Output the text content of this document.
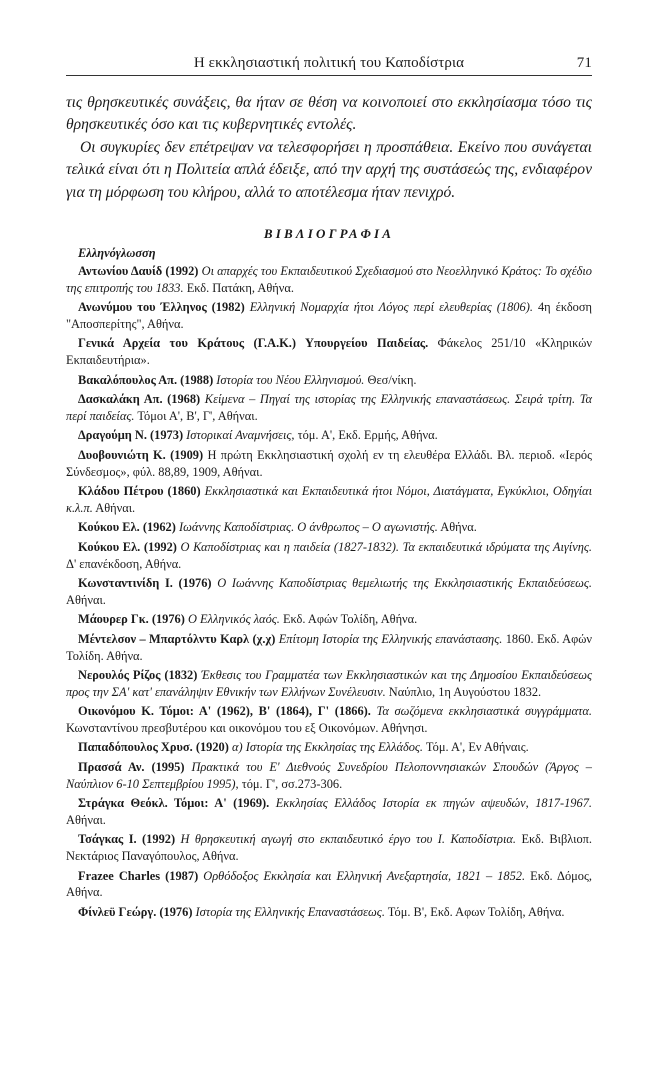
Η εκκλησιαστική πολιτική του Καποδίστρια	71

τις θρησκευτικές συνάξεις, θα ήταν σε θέση να κοινοποιεί στο εκκλησίασμα τόσο τις θρησκευτικές όσο και τις κυβερνητικές εντολές.

Οι συγκυρίες δεν επέτρεψαν να τελεσφορήσει η προσπάθεια. Εκείνο που συνάγεται τελικά είναι ότι η Πολιτεία απλά έδειξε, από την αρχή της συστάσεώς της, ενδιαφέρον για τη μόρφωση του κλήρου, αλλά το αποτέλεσμα ήταν πενιχρό.

ΒΙΒΛΙΟΓΡΑΦΙΑ
Ελληνόγλωσση

Αντωνίου Δαυίδ (1992) Οι απαρχές του Εκπαιδευτικού Σχεδιασμού στο Νεοελληνικό Κράτος: Το σχέδιο της επιτροπής του 1833. Εκδ. Πατάκη, Αθήνα.

Ανωνύμου του Έλληνος (1982) Ελληνική Νομαρχία ήτοι Λόγος περί ελευθερίας (1806). 4η έκδοση "Αποσπερίτης", Αθήνα.

Γενικά Αρχεία του Κράτους (Γ.Α.Κ.) Υπουργείου Παιδείας. Φάκελος 251/10 «Κληρικών Εκπαιδευτήρια».

Βακαλόπουλος Απ. (1988) Ιστορία του Νέου Ελληνισμού. Θεσ/νίκη.

Δασκαλάκη Απ. (1968) Κείμενα – Πηγαί της ιστορίας της Ελληνικής επαναστάσεως. Σειρά τρίτη. Τα περί παιδείας. Τόμοι Α', Β', Γ', Αθήναι.

Δραγούμη Ν. (1973) Ιστορικαί Αναμνήσεις, τόμ. Α', Εκδ. Ερμής, Αθήνα.

Δυοβουνιώτη Κ. (1909) Η πρώτη Εκκλησιαστική σχολή εν τη ελευθέρα Ελλάδι. Βλ. περιοδ. «Ιερός Σύνδεσμος», φύλ. 88,89, 1909, Αθήναι.

Κλάδου Πέτρου (1860) Εκκλησιαστικά και Εκπαιδευτικά ήτοι Νόμοι, Διατάγματα, Εγκύκλιοι, Οδηγίαι κ.λ.π. Αθήναι.

Κούκου Ελ. (1962) Ιωάννης Καποδίστριας. Ο άνθρωπος – Ο αγωνιστής. Αθήνα.

Κούκου Ελ. (1992) Ο Καποδίστριας και η παιδεία (1827-1832). Τα εκπαιδευτικά ιδρύματα της Αιγίνης. Δ' επανέκδοση, Αθήνα.

Κωνσταντινίδη Ι. (1976) Ο Ιωάννης Καποδίστριας θεμελιωτής της Εκκλησιαστικής Εκπαιδεύσεως. Αθήναι.

Μάουρερ Γκ. (1976) Ο Ελληνικός λαός. Εκδ. Αφών Τολίδη, Αθήνα.

Μέντελσον – Μπαρτόλντυ Καρλ (χ.χ) Επίτομη Ιστορία της Ελληνικής επανάστασης. 1860. Εκδ. Αφών Τολίδη. Αθήνα.

Νερουλός Ρίζος (1832) Έκθεσις του Γραμματέα των Εκκλησιαστικών και της Δημοσίου Εκπαιδεύσεως προς την ΣΑ' κατ' επανάληψιν Εθνικήν των Ελλήνων Συνέλευσιν. Ναύπλιο, 1η Αυγούστου 1832.

Οικονόμου Κ. Τόμοι: Α' (1962), Β' (1864), Γ' (1866). Τα σωζόμενα εκκλησιαστικά συγγράμματα. Κωνσταντίνου πρεσβυτέρου και οικονόμου του εξ Οικονόμων. Αθήνησι.

Παπαδόπουλος Χρυσ. (1920) α) Ιστορία της Εκκλησίας της Ελλάδος. Τόμ. Α', Εν Αθήναις.

Πρασσά Αν. (1995) Πρακτικά του Ε' Διεθνούς Συνεδρίου Πελοποννησιακών Σπουδών (Άργος – Ναύπλιον 6-10 Σεπτεμβρίου 1995), τόμ. Γ', σσ.273-306.

Στράγκα Θεόκλ. Τόμοι: Α' (1969). Εκκλησίας Ελλάδος Ιστορία εκ πηγών αψευδών, 1817-1967. Αθήναι.

Τσάγκας Ι. (1992) Η θρησκευτική αγωγή στο εκπαιδευτικό έργο του Ι. Καποδίστρια. Εκδ. Βιβλιοπ. Νεκτάριος Παναγόπουλος, Αθήνα.

Frazee Charles (1987) Ορθόδοξος Εκκλησία και Ελληνική Ανεξαρτησία, 1821 – 1852. Εκδ. Δόμος, Αθήνα.

Φίνλεϋ Γεώργ. (1976) Ιστορία της Ελληνικής Επαναστάσεως. Τόμ. Β', Εκδ. Αφων Τολίδη, Αθήνα.
